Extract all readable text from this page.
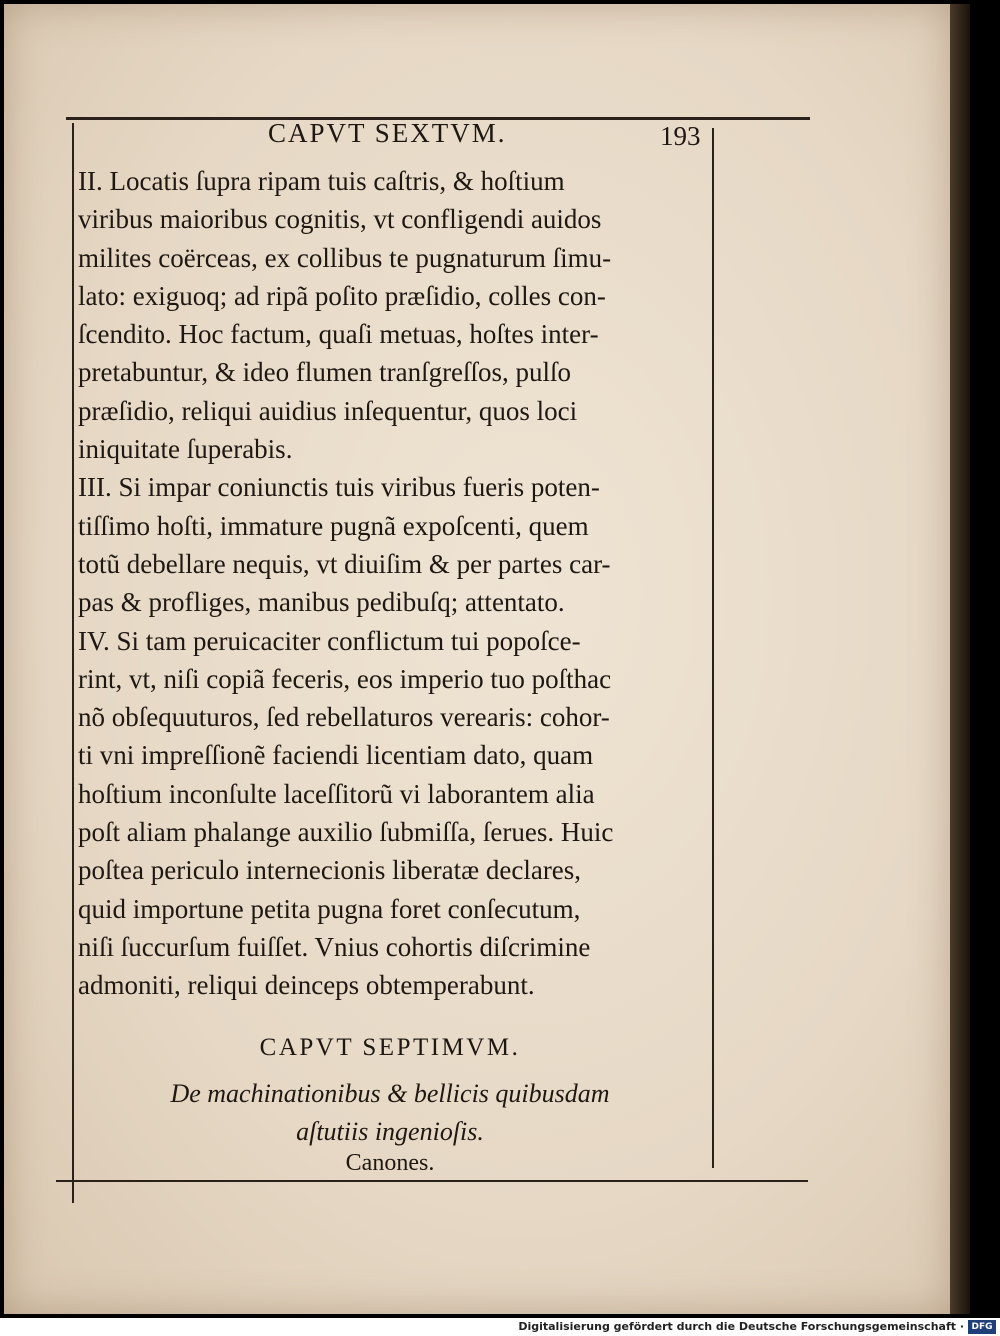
CAPVT SEXTVM.	193
II. Locatis ſupra ripam tuis caſtris, & hoſtium
viribus maioribus cognitis, vt confligendi auidos
milites coërceas, ex collibus te pugnaturum ſimu-
lato: exiguoq; ad ripã poſito præſidio, colles con-
ſcendito. Hoc factum, quaſi metuas, hoſtes inter-
pretabuntur, & ideo flumen tranſgreſſos, pulſo
præſidio, reliqui auidius inſequentur, quos loci
iniquitate ſuperabis.
III. Si impar coniunctis tuis viribus fueris poten-
tiſſimo hoſti, immature pugnã expoſcenti, quem
totũ debellare nequis, vt diuiſim & per partes car-
pas & profliges, manibus pedibuſq; attentato.
IV. Si tam peruicaciter conflictum tui popoſce-
rint, vt, niſi copiã feceris, eos imperio tuo poſthac
nõ obſequuturos, ſed rebellaturos verearis: cohor-
ti vni impreſſionẽ faciendi licentiam dato, quam
hoſtium inconſulte laceſſitorũ vi laborantem alia
poſt aliam phalange auxilio ſubmiſſa, ſerues. Huic
poſtea periculo internecionis liberatæ declares,
quid importune petita pugna foret conſecutum,
niſi ſuccurſum fuiſſet. Vnius cohortis diſcrimine
admoniti, reliqui deinceps obtemperabunt.
CAPVT SEPTIMVM.
De machinationibus & bellicis quibusdam
aſtutiis ingenioſis.
Canones.
Digitalisierung gefördert durch die Deutsche Forschungsgemeinschaft · DFG
